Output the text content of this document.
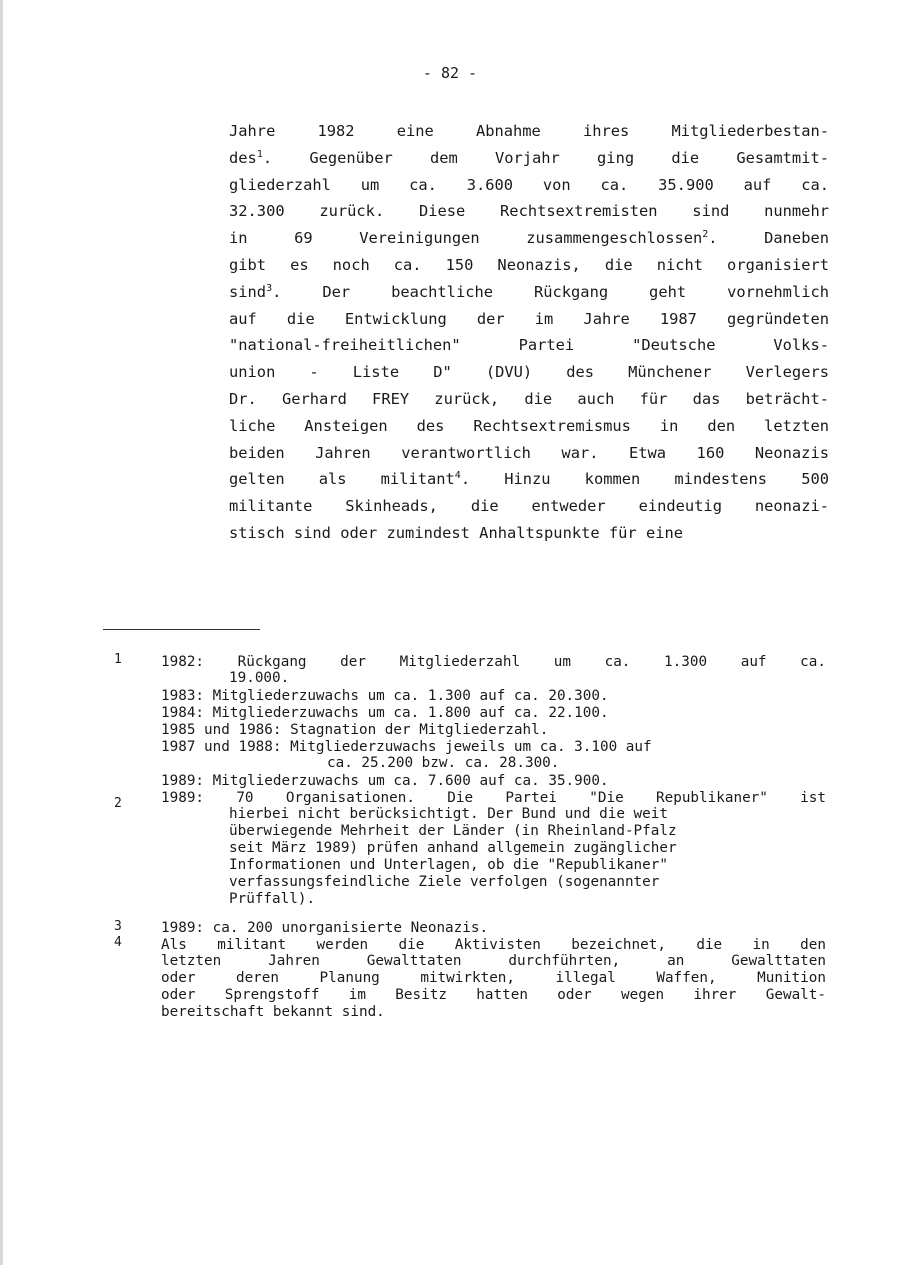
- 82 -
Jahre 1982 eine Abnahme ihres Mitgliederbestan-
des$^1$. Gegenüber dem Vorjahr ging die Gesamtmit-
gliederzahl um ca. 3.600 von ca. 35.900 auf ca.
32.300 zurück. Diese Rechtsextremisten sind nunmehr
in 69 Vereinigungen zusammengeschlossen$^2$. Daneben
gibt es noch ca. 150 Neonazis, die nicht organisiert
sind$^3$. Der beachtliche Rückgang geht vornehmlich
auf die Entwicklung der im Jahre 1987 gegründeten
"national-freiheitlichen" Partei "Deutsche Volks-
union - Liste D" (DVU) des Münchener Verlegers
Dr. Gerhard FREY zurück, die auch für das beträcht-
liche Ansteigen des Rechtsextremismus in den letzten
beiden Jahren verantwortlich war. Etwa 160 Neonazis
gelten als militant$^4$. Hinzu kommen mindestens 500
militante Skinheads, die entweder eindeutig neonazi-
stisch sind oder zumindest Anhaltspunkte für eine
1
2
3
4
1982: Rückgang der Mitgliederzahl um ca. 1.300 auf ca.
19.000.
1983: Mitgliederzuwachs um ca. 1.300 auf ca. 20.300.
1984: Mitgliederzuwachs um ca. 1.800 auf ca. 22.100.
1985 und 1986: Stagnation der Mitgliederzahl.
1987 und 1988: Mitgliederzuwachs jeweils um ca. 3.100 auf
ca. 25.200 bzw. ca. 28.300.
1989: Mitgliederzuwachs um ca. 7.600 auf ca. 35.900.
1989: 70 Organisationen. Die Partei "Die Republikaner" ist
hierbei nicht berücksichtigt. Der Bund und die weit
überwiegende Mehrheit der Länder (in Rheinland-Pfalz
seit März 1989) prüfen anhand allgemein zugänglicher
Informationen und Unterlagen, ob die "Republikaner"
verfassungsfeindliche Ziele verfolgen (sogenannter
Prüffall).
1989: ca. 200 unorganisierte Neonazis.
Als militant werden die Aktivisten bezeichnet, die in den
letzten Jahren Gewalttaten durchführten, an Gewalttaten
oder deren Planung mitwirkten, illegal Waffen, Munition
oder Sprengstoff im Besitz hatten oder wegen ihrer Gewalt-
bereitschaft bekannt sind.
